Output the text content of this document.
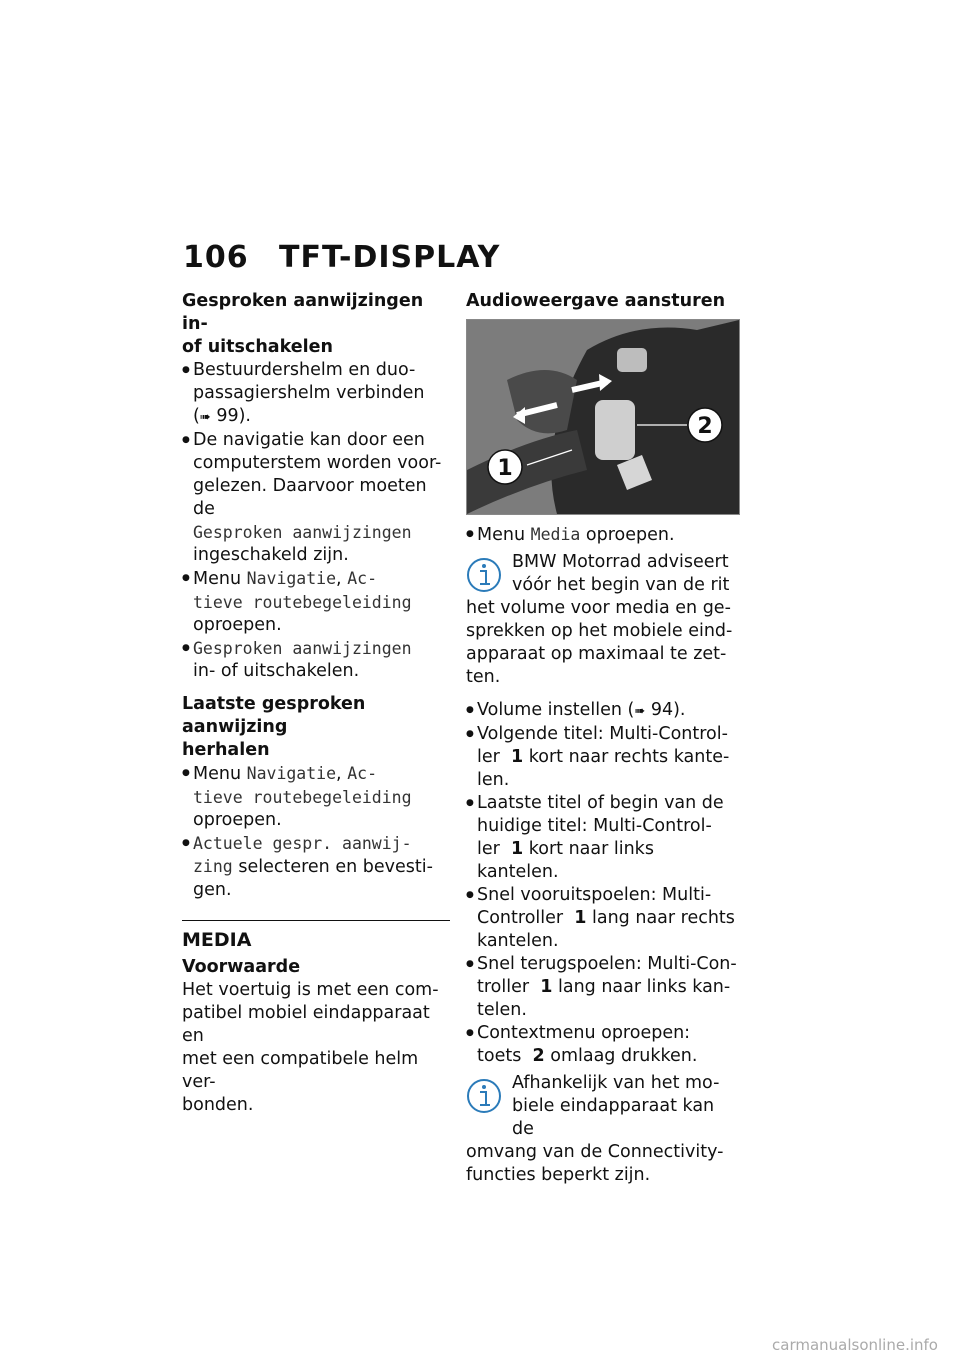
106 TFT-DISPLAY
Gesproken aanwijzingen in-
of uitschakelen
● Bestuurdershelm en duo-
passagiershelm verbinden
(➠ 99).
● De navigatie kan door een
computerstem worden voor-
gelezen. Daarvoor moeten de
Gesproken aanwijzingen
ingeschakeld zijn.
● Menu Navigatie, Ac-
tieve routebegeleiding
oproepen.
● Gesproken aanwijzingen
in- of uitschakelen.
Laatste gesproken aanwijzing
herhalen
● Menu Navigatie, Ac-
tieve routebegeleiding
oproepen.
● Actuele gespr. aanwij-
zing selecteren en bevesti-
gen.
MEDIA
Voorwaarde
Het voertuig is met een com-
patibel mobiel eindapparaat en
met een compatibele helm ver-
bonden.
Audioweergave aansturen
1
2
● Menu Media oproepen.
BMW Motorrad adviseert
vóór het begin van de rit
het volume voor media en ge-
sprekken op het mobiele eind-
apparaat op maximaal te zet-
ten.
● Volume instellen (➠ 94).
● Volgende titel: Multi-Control-
ler 1 kort naar rechts kante-
len.
● Laatste titel of begin van de
huidige titel: Multi-Control-
ler 1 kort naar links kantelen.
● Snel vooruitspoelen: Multi-
Controller 1 lang naar rechts
kantelen.
● Snel terugspoelen: Multi-Con-
troller 1 lang naar links kan-
telen.
● Contextmenu oproepen:
toets 2 omlaag drukken.
Afhankelijk van het mo-
biele eindapparaat kan de
omvang van de Connectivity-
functies beperkt zijn.
carmanualsonline.info
